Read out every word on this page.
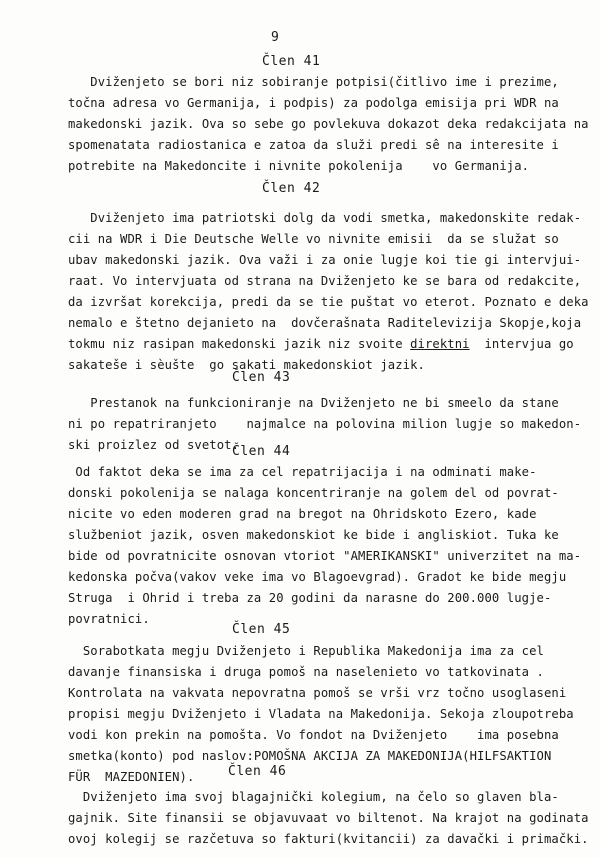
9
Člen 41
Dviženjeto se bori niz sobiranje potpisi(čitlivo ime i prezime,
točna adresa vo Germanija, i podpis) za podolga emisija pri WDR na
makedonski jazik. Ova so sebe go povlekuva dokazot deka redakcijata na
spomenatata radiostanica e zatoa da služi predi sê na interesite i
potrebite na Makedoncite i nivnite pokolenija    vo Germanija.
Člen 42
Dviženjeto ima patriotski dolg da vodi smetka, makedonskite redak-
cii na WDR i Die Deutsche Welle vo nivnite emisii  da se služat so
ubav makedonski jazik. Ova važi i za onie lugje koi tie gi intervjui-
raat. Vo intervjuata od strana na Dviženjeto ke se bara od redakcite,
da izvršat korekcija, predi da se tie puštat vo eterot. Poznato e deka
nemalo e štetno dejanieto na  dovčerašnata Raditelevizija Skopje,koja
tokmu niz rasipan makedonski jazik niz svoite direktni  intervjua go
sakateše i sèušte  go sakati makedonskiot jazik.
Člen 43
Prestanok na funkcioniranje na Dviženjeto ne bi smeelo da stane
ni po repatriranjeto    najmalce na polovina milion lugje so makedon-
ski proizlez od svetot.
Člen 44
Od faktot deka se ima za cel repatrijacija i na odminati make-
donski pokolenija se nalaga koncentriranje na golem del od povrat-
nicite vo eden moderen grad na bregot na Ohridskoto Ezero, kade
službeniot jazik, osven makedonskiot ke bide i angliskiot. Tuka ke
bide od povratnicite osnovan vtoriot "AMERIKANSKI" univerzitet na ma-
kedonska počva(vakov veke ima vo Blagoevgrad). Gradot ke bide megju
Struga  i Ohrid i treba za 20 godini da narasne do 200.000 lugje-
povratnici.
Člen 45
Sorabotkata megju Dviženjeto i Republika Makedonija ima za cel
davanje finansiska i druga pomoš na naselenieto vo tatkovinata .
Kontrolata na vakvata nepovratna pomoš se vrši vrz točno usoglaseni
propisi megju Dviženjeto i Vladata na Makedonija. Sekoja zloupotreba
vodi kon prekin na pomošta. Vo fondot na Dviženjeto    ima posebna
smetka(konto) pod naslov:POMOŠNA AKCIJA ZA MAKEDONIJA(HILFSAKTION
FÜR  MAZEDONIEN).	Člen 46
Dviženjeto ima svoj blagajnički kolegium, na čelo so glaven bla-
gajnik. Site finansii se objavuvaat vo biltenot. Na krajot na godinata
ovoj kolegij se razčetuva so fakturi(kvitancii) za davački i primački.
